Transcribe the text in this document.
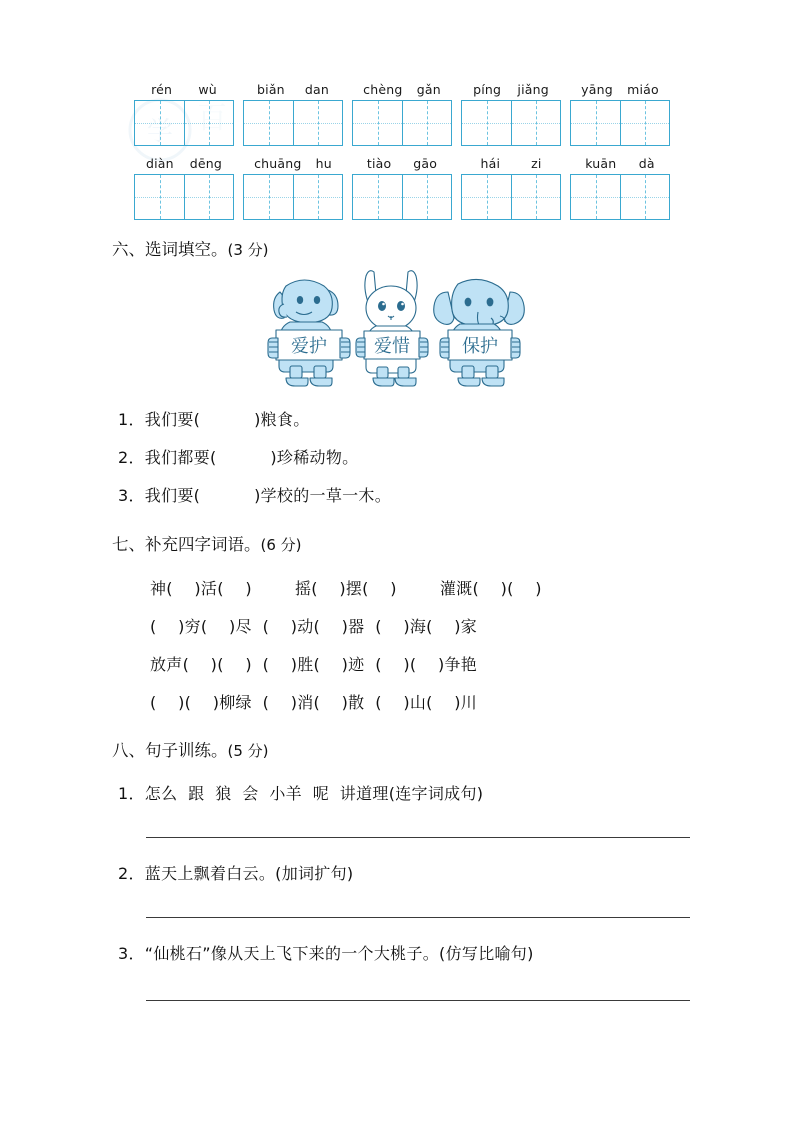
学 百
rén wù	biǎn dan	chèng gǎn	píng jiǎng	yāng miáo
diàn dēng	chuāng hu	tiào gāo	hái zi	kuān dà
六、选词填空。(3 分)
爱护	爱惜	保护
1．我们要(          )粮食。
2．我们都要(          )珍稀动物。
3．我们要(          )学校的一草一木。
七、补充四字词语。(6 分)
神(    )活(    )        摇(    )摆(    )        灌溉(    )(    )
(    )穷(    )尽  (    )动(    )器  (    )海(    )家
放声(    )(    )  (    )胜(    )迹  (    )(    )争艳
(    )(    )柳绿  (    )消(    )散  (    )山(    )川
八、句子训练。(5 分)
1．怎么  跟  狼  会  小羊  呢  讲道理(连字词成句)
2．蓝天上飘着白云。(加词扩句)
3．“仙桃石”像从天上飞下来的一个大桃子。(仿写比喻句)
